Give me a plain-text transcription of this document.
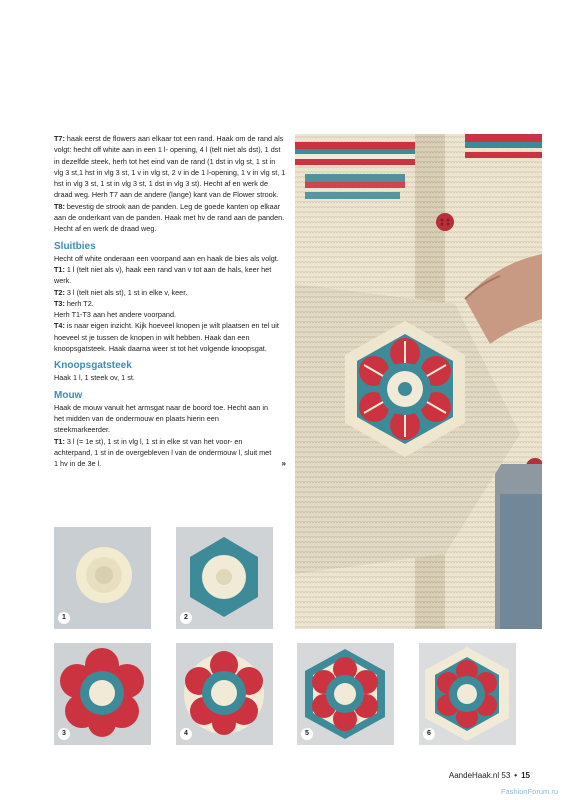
T7: haak eerst de flowers aan elkaar tot een rand. Haak om de rand als volgt: hecht off white aan in een 1 l- opening, 4 l (telt niet als dst), 1 dst in dezelfde steek, herh tot het eind van de rand (1 dst in vlg st, 1 st in vlg 3 st,1 hst in vlg 3 st, 1 v in vlg st, 2 v in de 1 l-opening, 1 v in vlg st, 1 hst in vlg 3 st, 1 st in vlg 3 st, 1 dst in vlg 3 st). Hecht af en werk de draad weg. Herh T7 aan de andere (lange) kant van de Flower strook.

T8: bevestig de strook aan de panden. Leg de goede kanten op elkaar aan de onderkant van de panden. Haak met hv de rand aan de panden. Hecht af en werk de draad weg.

Sluitbies

Hecht off white onderaan een voorpand aan en haak de bies als volgt.

T1: 1 l (telt niet als v), haak een rand van v tot aan de hals, keer het werk.

T2: 3 l (telt niet als st), 1 st in elke v, keer.

T3: herh T2.

Herh T1-T3 aan het andere voorpand.

T4: is naar eigen inzicht. Kijk hoeveel knopen je wilt plaatsen en tel uit hoeveel st je tussen de knopen in wilt hebben. Haak dan een knoopsgatsteek. Haak daarna weer st tot het volgende knoopsgat.

Knoopsgatsteek

Haak 1 l, 1 steek ov, 1 st.

Mouw

Haak de mouw vanuit het armsgat naar de boord toe. Hecht aan in het midden van de ondermouw en plaats hierin een steekmarkeerder.

T1: 3 l (= 1e st), 1 st in vlg l, 1 st in elke st van het voor- en achterpand, 1 st in de overgebleven l van de ondermouw l, sluit met 1 hv in de 3e l.	»
1	2
3	4	5	6
AandeHaak.nl 53 • 15
FashionForum.ru
